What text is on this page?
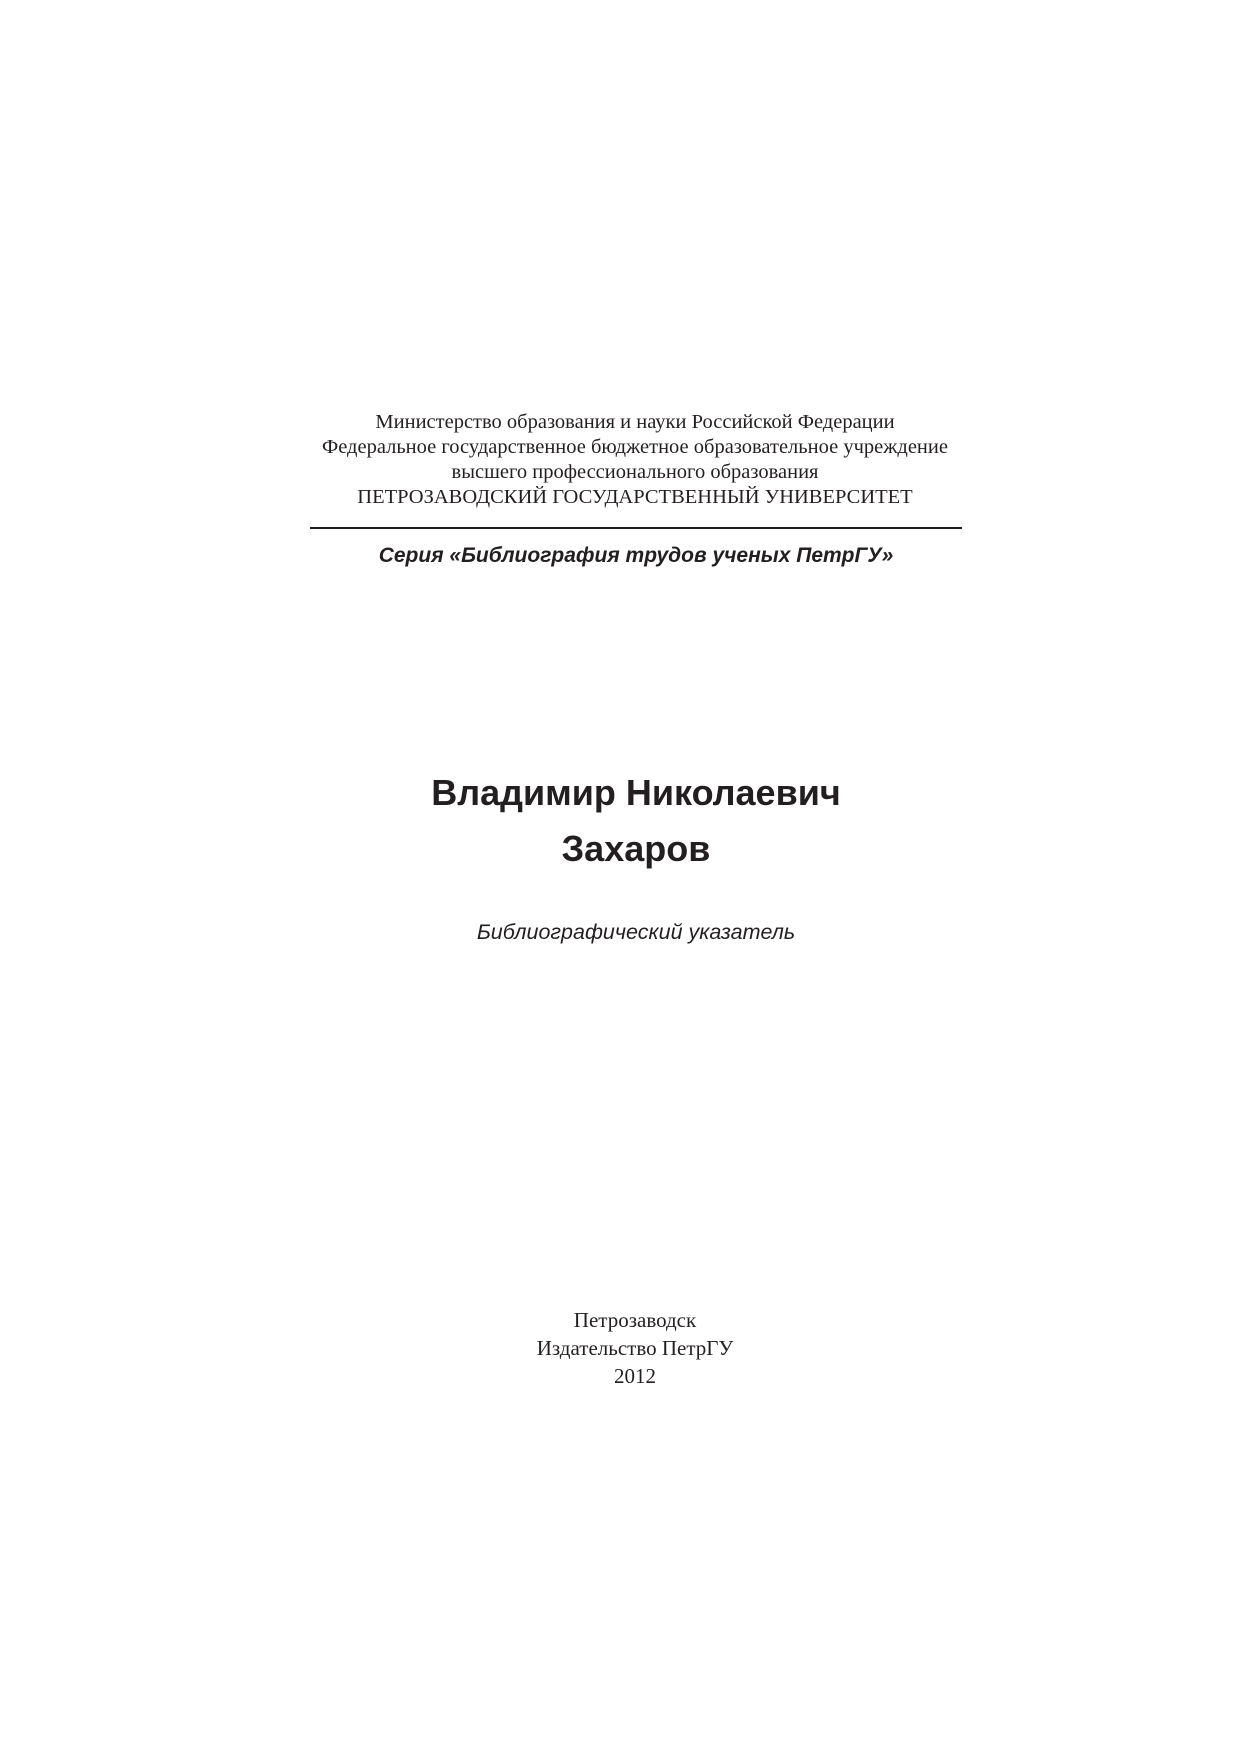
Министерство образования и науки Российской Федерации
Федеральное государственное бюджетное образовательное учреждение
высшего профессионального образования
ПЕТРОЗАВОДСКИЙ ГОСУДАРСТВЕННЫЙ УНИВЕРСИТЕТ
Серия «Библиография трудов ученых ПетрГУ»
Владимир Николаевич
Захаров
Библиографический указатель
Петрозаводск
Издательство ПетрГУ
2012
